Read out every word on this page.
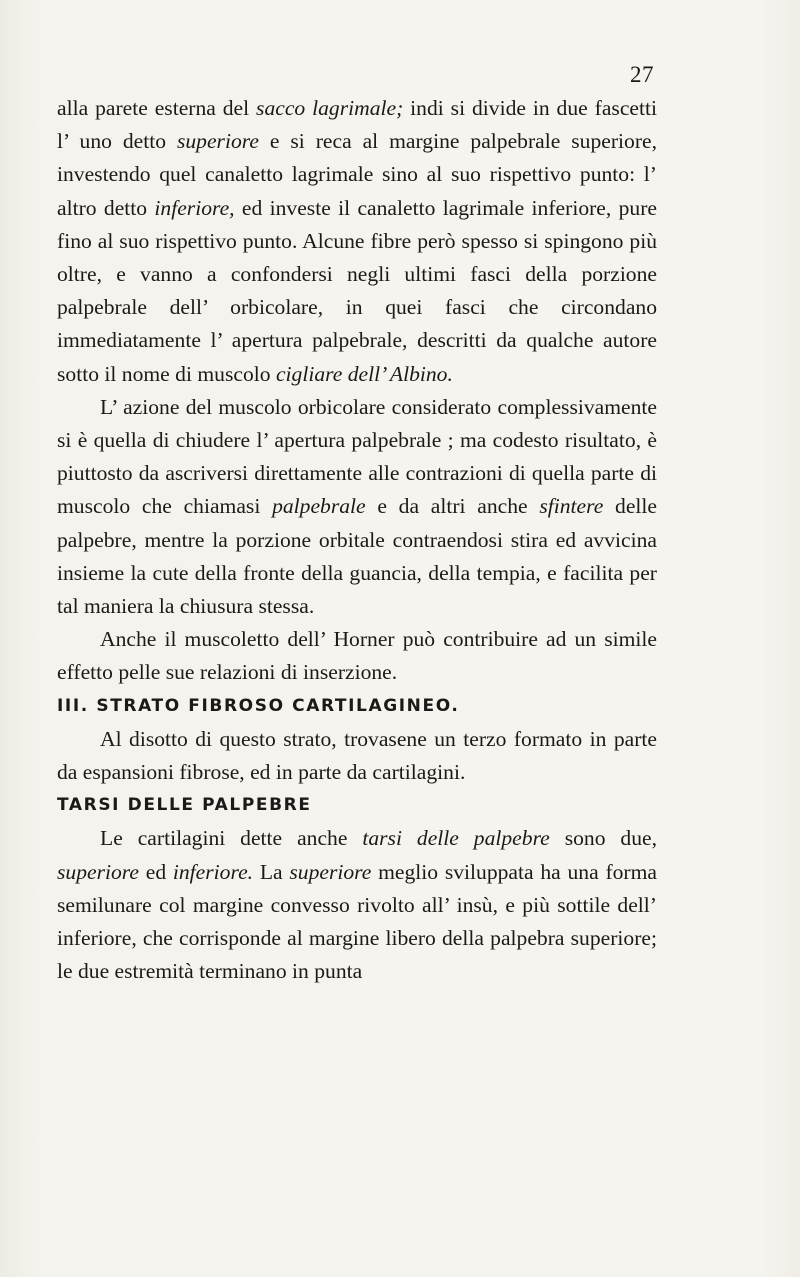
27

alla parete esterna del sacco lagrimale; indi si divide in due fascetti l’ uno detto superiore e si reca al margine palpebrale superiore, investendo quel canaletto lagrimale sino al suo rispettivo punto: l’ altro detto inferiore, ed investe il canaletto lagrimale inferiore, pure fino al suo rispettivo punto. Alcune fibre però spesso si spingono più oltre, e vanno a confondersi negli ultimi fasci della porzione palpebrale dell’ orbicolare, in quei fasci che circondano immediatamente l’ apertura palpebrale, descritti da qualche autore sotto il nome di muscolo cigliare dell’ Albino.

L’ azione del muscolo orbicolare considerato complessivamente si è quella di chiudere l’ apertura palpebrale ; ma codesto risultato, è piuttosto da ascriversi direttamente alle contrazioni di quella parte di muscolo che chiamasi palpebrale e da altri anche sfintere delle palpebre, mentre la porzione orbitale contraendosi stira ed avvicina insieme la cute della fronte della guancia, della tempia, e facilita per tal maniera la chiusura stessa.

Anche il muscoletto dell’ Horner può contribuire ad un simile effetto pelle sue relazioni di inserzione.

III. STRATO FIBROSO CARTILAGINEO.

Al disotto di questo strato, trovasene un terzo formato in parte da espansioni fibrose, ed in parte da cartilagini.

TARSI DELLE PALPEBRE

Le cartilagini dette anche tarsi delle palpebre sono due, superiore ed inferiore. La superiore meglio sviluppata ha una forma semilunare col margine convesso rivolto all’ insù, e più sottile dell’ inferiore, che corrisponde al margine libero della palpebra superiore; le due estremità terminano in punta
